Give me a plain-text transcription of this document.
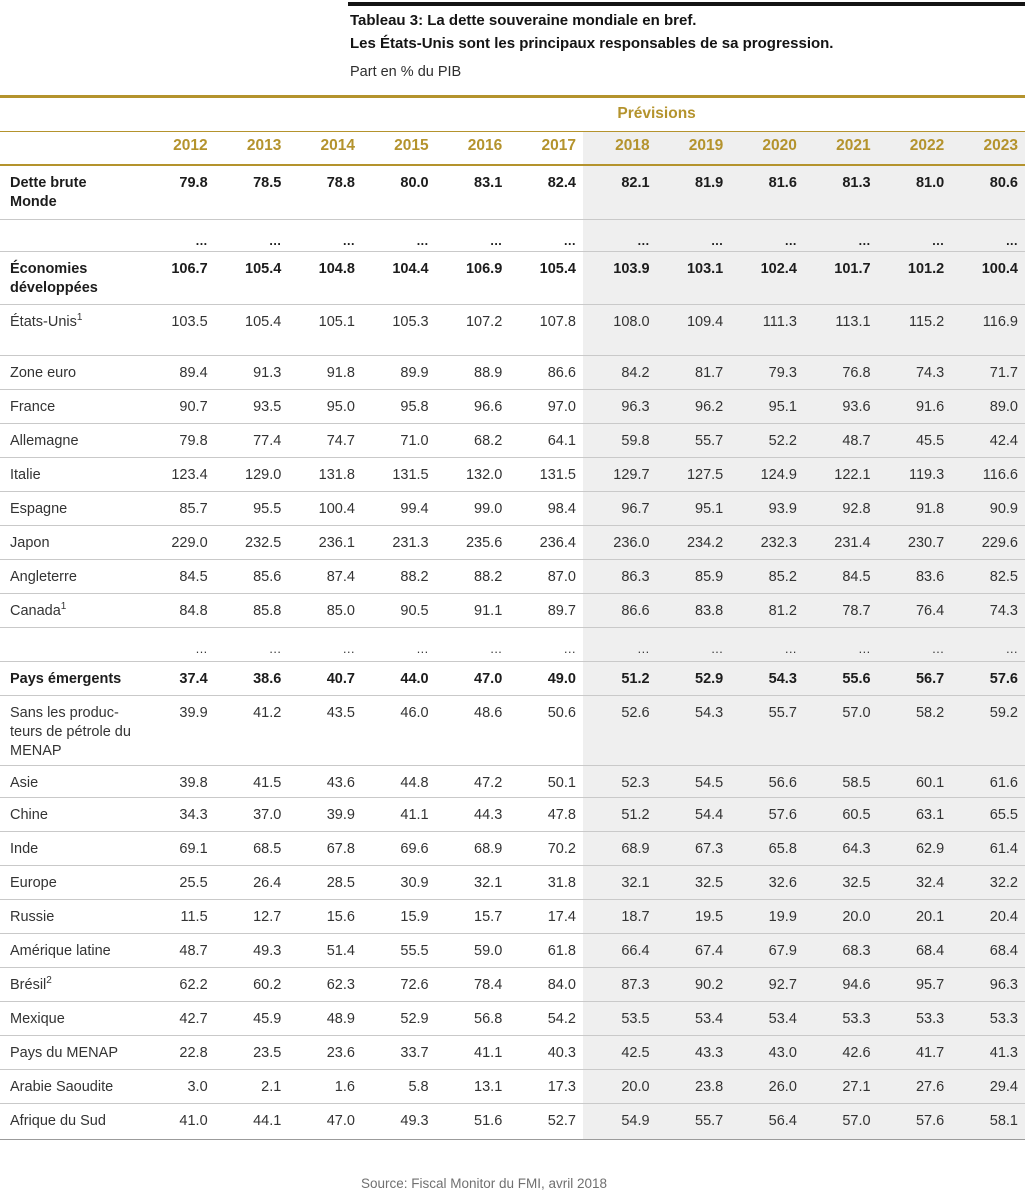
Tableau 3: La dette souveraine mondiale en bref.
Les États-Unis sont les principaux responsables de sa progression.
Part en % du PIB
							Prévisions					
	2012	2013	2014	2015	2016	2017	2018	2019	2020	2021	2022	2023
Dette brute
Monde	79.8	78.5	78.8	80.0	83.1	82.4	82.1	81.9	81.6	81.3	81.0	80.6
	...	...	...	...	...	...	...	...	...	...	...	...
Économies
développées	106.7	105.4	104.8	104.4	106.9	105.4	103.9	103.1	102.4	101.7	101.2	100.4
États-Unis$^1$	103.5	105.4	105.1	105.3	107.2	107.8	108.0	109.4	111.3	113.1	115.2	116.9
Zone euro	89.4	91.3	91.8	89.9	88.9	86.6	84.2	81.7	79.3	76.8	74.3	71.7
France	90.7	93.5	95.0	95.8	96.6	97.0	96.3	96.2	95.1	93.6	91.6	89.0
Allemagne	79.8	77.4	74.7	71.0	68.2	64.1	59.8	55.7	52.2	48.7	45.5	42.4
Italie	123.4	129.0	131.8	131.5	132.0	131.5	129.7	127.5	124.9	122.1	119.3	116.6
Espagne	85.7	95.5	100.4	99.4	99.0	98.4	96.7	95.1	93.9	92.8	91.8	90.9
Japon	229.0	232.5	236.1	231.3	235.6	236.4	236.0	234.2	232.3	231.4	230.7	229.6
Angleterre	84.5	85.6	87.4	88.2	88.2	87.0	86.3	85.9	85.2	84.5	83.6	82.5
Canada$^1$	84.8	85.8	85.0	90.5	91.1	89.7	86.6	83.8	81.2	78.7	76.4	74.3
	...	...	...	...	...	...	...	...	...	...	...	...
Pays émergents	37.4	38.6	40.7	44.0	47.0	49.0	51.2	52.9	54.3	55.6	56.7	57.6
Sans les produc-
teurs de pétrole du
MENAP	39.9	41.2	43.5	46.0	48.6	50.6	52.6	54.3	55.7	57.0	58.2	59.2
Asie	39.8	41.5	43.6	44.8	47.2	50.1	52.3	54.5	56.6	58.5	60.1	61.6
Chine	34.3	37.0	39.9	41.1	44.3	47.8	51.2	54.4	57.6	60.5	63.1	65.5
Inde	69.1	68.5	67.8	69.6	68.9	70.2	68.9	67.3	65.8	64.3	62.9	61.4
Europe	25.5	26.4	28.5	30.9	32.1	31.8	32.1	32.5	32.6	32.5	32.4	32.2
Russie	11.5	12.7	15.6	15.9	15.7	17.4	18.7	19.5	19.9	20.0	20.1	20.4
Amérique latine	48.7	49.3	51.4	55.5	59.0	61.8	66.4	67.4	67.9	68.3	68.4	68.4
Brésil$^2$	62.2	60.2	62.3	72.6	78.4	84.0	87.3	90.2	92.7	94.6	95.7	96.3
Mexique	42.7	45.9	48.9	52.9	56.8	54.2	53.5	53.4	53.4	53.3	53.3	53.3
Pays du MENAP	22.8	23.5	23.6	33.7	41.1	40.3	42.5	43.3	43.0	42.6	41.7	41.3
Arabie Saoudite	3.0	2.1	1.6	5.8	13.1	17.3	20.0	23.8	26.0	27.1	27.6	29.4
Afrique du Sud	41.0	44.1	47.0	49.3	51.6	52.7	54.9	55.7	56.4	57.0	57.6	58.1
Source: Fiscal Monitor du FMI, avril 2018
